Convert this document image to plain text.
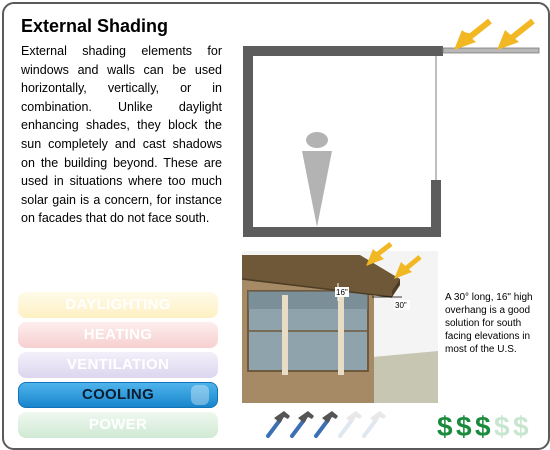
External Shading
External shading elements for windows and walls can be used horizontally, vertically, or in combination. Unlike daylight enhancing shades, they block the sun completely and cast shadows on the building beyond. These are used in situations where too much solar gain is a concern, for instance on facades that do not face south.
16"
30"
A 30° long, 16" high overhang is a good solution for south facing elevations in most of the U.S.
DAYLIGHTING
HEATING
VENTILATION
COOLING
POWER	$ $ $ $ $
